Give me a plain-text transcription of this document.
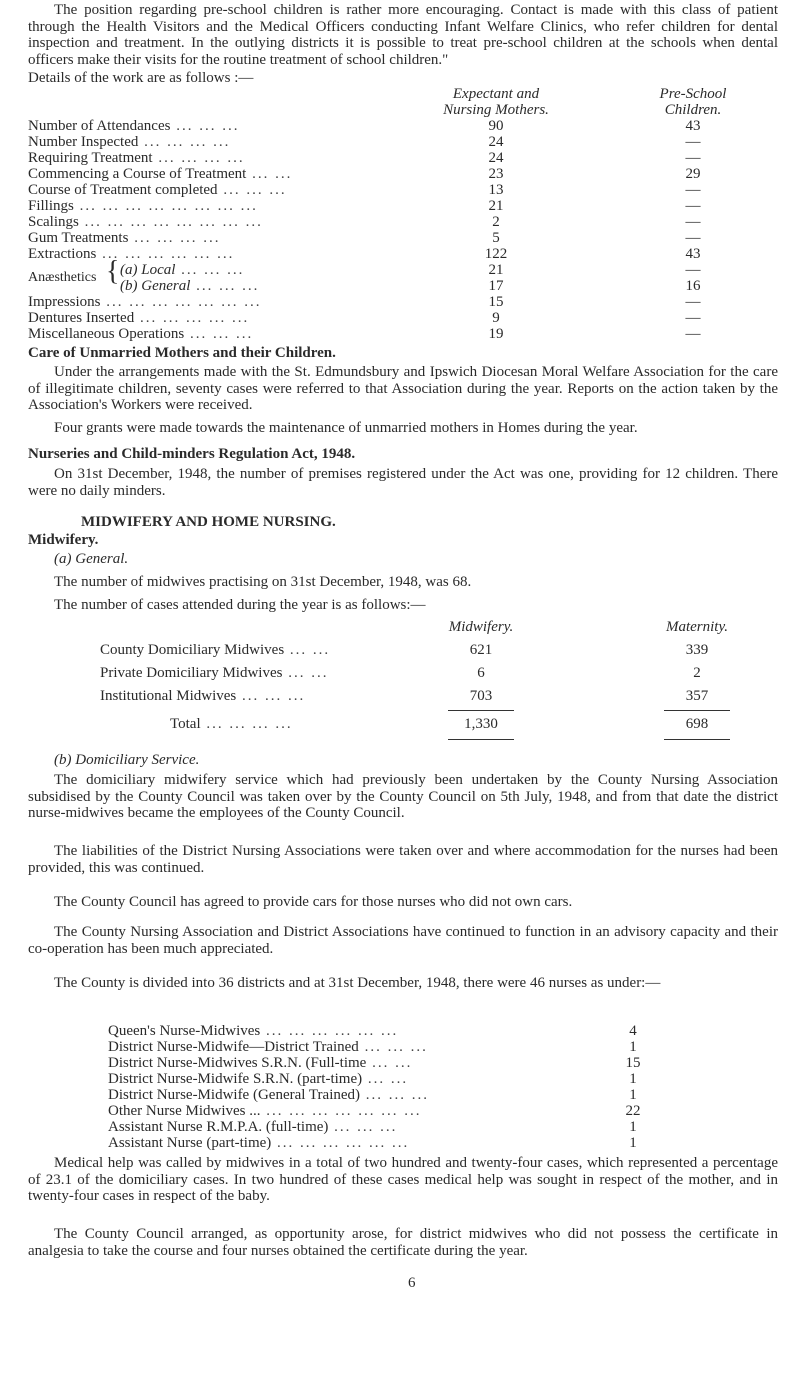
The position regarding pre-school children is rather more encouraging. Contact is made with this class of patient through the Health Visitors and the Medical Officers conducting Infant Welfare Clinics, who refer children for dental inspection and treatment. In the outlying districts it is possible to treat pre-school children at the schools when dental officers make their visits for the routine treatment of school children."

Details of the work are as follows :—
Expectant and
Nursing Mothers.
Pre-School
Children.
Number of Attendances ... ... ...	90	43
Number Inspected ... ... ... ...	24	—
Requiring Treatment ... ... ... ...	24	—
Commencing a Course of Treatment ... ...	23	29
Course of Treatment completed ... ... ...	13	—
Fillings ... ... ... ... ... ... ... ...	21	—
Scalings ... ... ... ... ... ... ... ...	2	—
Gum Treatments ... ... ... ...	5	—
Extractions ... ... ... ... ... ...	122	43
Anæsthetics { (a) Local ... ... ...	21	—
(b) General ... ... ...	17	16
Impressions ... ... ... ... ... ... ...	15	—
Dentures Inserted ... ... ... ... ...	9	—
Miscellaneous Operations ... ... ...	19	—
Care of Unmarried Mothers and their Children.

Under the arrangements made with the St. Edmundsbury and Ipswich Diocesan Moral Welfare Association for the care of illegitimate children, seventy cases were referred to that Association during the year. Reports on the action taken by the Association's Workers were received.

Four grants were made towards the maintenance of unmarried mothers in Homes during the year.

Nurseries and Child-minders Regulation Act, 1948.

On 31st December, 1948, the number of premises registered under the Act was one, providing for 12 children. There were no daily minders.

MIDWIFERY AND HOME NURSING.
Midwifery.
(a) General.
The number of midwives practising on 31st December, 1948, was 68.
The number of cases attended during the year is as follows:—
Midwifery.	Maternity.
County Domiciliary Midwives ... ...	621	339
Private Domiciliary Midwives ... ...	6	2
Institutional Midwives ... ... ...	703	357
Total ... ... ... ...	1,330	698
(b) Domiciliary Service.

The domiciliary midwifery service which had previously been undertaken by the County Nursing Association subsidised by the County Council was taken over by the County Council on 5th July, 1948, and from that date the district nurse-midwives became the employees of the County Council.

The liabilities of the District Nursing Associations were taken over and where accommodation for the nurses had been provided, this was continued.

The County Council has agreed to provide cars for those nurses who did not own cars.

The County Nursing Association and District Associations have continued to function in an advisory capacity and their co-operation has been much appreciated.

The County is divided into 36 districts and at 31st December, 1948, there were 46 nurses as under:—

Queen's Nurse-Midwives ... ... ... ... ... ...	4
District Nurse-Midwife—District Trained ... ... ...	1
District Nurse-Midwives S.R.N. (Full-time ... ...	15
District Nurse-Midwife S.R.N. (part-time) ... ...	1
District Nurse-Midwife (General Trained) ... ... ...	1
Other Nurse Midwives ... ... ... ... ... ... ... ...	22
Assistant Nurse R.M.P.A. (full-time) ... ... ...	1
Assistant Nurse (part-time) ... ... ... ... ... ...	1

Medical help was called by midwives in a total of two hundred and twenty-four cases, which represented a percentage of 23.1 of the domiciliary cases. In two hundred of these cases medical help was sought in respect of the mother, and in twenty-four cases in respect of the baby.

The County Council arranged, as opportunity arose, for district midwives who did not possess the certificate in analgesia to take the course and four nurses obtained the certificate during the year.

6
